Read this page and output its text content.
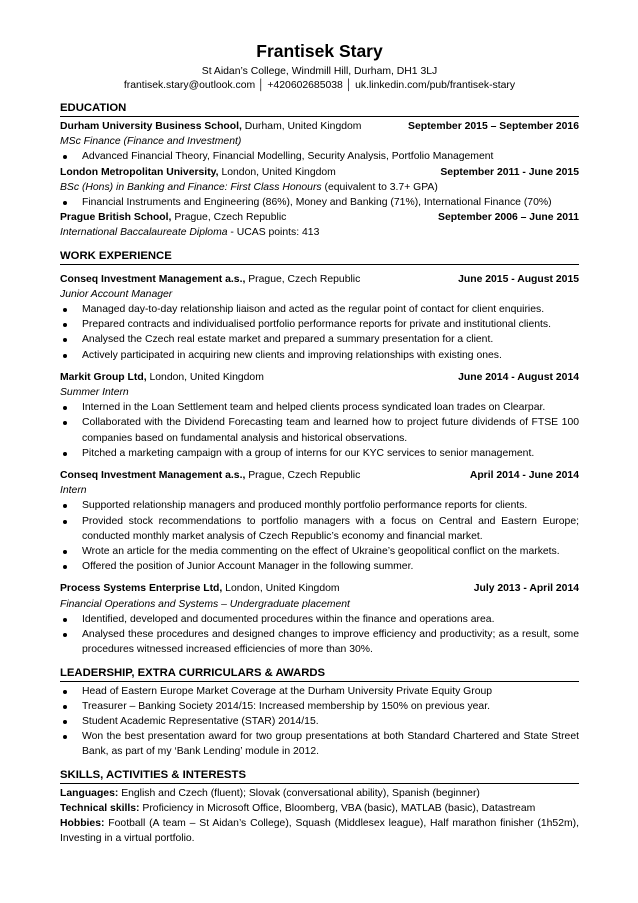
Frantisek Stary
St Aidan’s College, Windmill Hill, Durham, DH1 3LJ
frantisek.stary@outlook.com │ +420602685038 │ uk.linkedin.com/pub/frantisek-stary
EDUCATION
Durham University Business School, Durham, United Kingdom	September 2015 – September 2016
MSc Finance (Finance and Investment)
Advanced Financial Theory, Financial Modelling, Security Analysis, Portfolio Management
London Metropolitan University, London, United Kingdom	September 2011 - June 2015
BSc (Hons) in Banking and Finance: First Class Honours (equivalent to 3.7+ GPA)
Financial Instruments and Engineering (86%), Money and Banking (71%), International Finance (70%)
Prague British School, Prague, Czech Republic	September 2006 – June 2011
International Baccalaureate Diploma - UCAS points: 413
WORK EXPERIENCE
Conseq Investment Management a.s., Prague, Czech Republic	June 2015 - August 2015
Junior Account Manager
Managed day-to-day relationship liaison and acted as the regular point of contact for client enquiries.
Prepared contracts and individualised portfolio performance reports for private and institutional clients.
Analysed the Czech real estate market and prepared a summary presentation for a client.
Actively participated in acquiring new clients and improving relationships with existing ones.
Markit Group Ltd, London, United Kingdom	June 2014 - August 2014
Summer Intern
Interned in the Loan Settlement team and helped clients process syndicated loan trades on Clearpar.
Collaborated with the Dividend Forecasting team and learned how to project future dividends of FTSE 100 companies based on fundamental analysis and historical observations.
Pitched a marketing campaign with a group of interns for our KYC services to senior management.
Conseq Investment Management a.s., Prague, Czech Republic	April 2014 - June 2014
Intern
Supported relationship managers and produced monthly portfolio performance reports for clients.
Provided stock recommendations to portfolio managers with a focus on Central and Eastern Europe; conducted monthly market analysis of Czech Republic’s economy and financial market.
Wrote an article for the media commenting on the effect of Ukraine’s geopolitical conflict on the markets.
Offered the position of Junior Account Manager in the following summer.
Process Systems Enterprise Ltd, London, United Kingdom	July 2013 - April 2014
Financial Operations and Systems – Undergraduate placement
Identified, developed and documented procedures within the finance and operations area.
Analysed these procedures and designed changes to improve efficiency and productivity; as a result, some procedures witnessed increased efficiencies of more than 30%.
LEADERSHIP, EXTRA CURRICULARS & AWARDS
Head of Eastern Europe Market Coverage at the Durham University Private Equity Group
Treasurer – Banking Society 2014/15: Increased membership by 150% on previous year.
Student Academic Representative (STAR) 2014/15.
Won the best presentation award for two group presentations at both Standard Chartered and State Street Bank, as part of my ‘Bank Lending’ module in 2012.
SKILLS, ACTIVITIES & INTERESTS
Languages: English and Czech (fluent); Slovak (conversational ability), Spanish (beginner)
Technical skills: Proficiency in Microsoft Office, Bloomberg, VBA (basic), MATLAB (basic), Datastream
Hobbies: Football (A team – St Aidan’s College), Squash (Middlesex league), Half marathon finisher (1h52m), Investing in a virtual portfolio.
